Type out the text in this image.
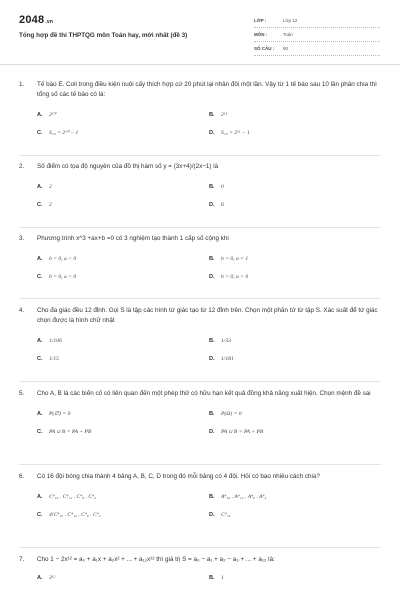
2048.vn
Tổng hợp đề thi THPTQG môn Toán hay, mới nhất (đề 3)
LỚP :	Lớp 12
MÔN :	Toán
SỐ CÂU :	50
1.	Tế bào E. Coli trong điều kiện nuôi cấy thích hợp cứ 20 phút lại nhân đôi một lần. Vậy từ 1 tế bào sau 10 lần phân chia thì tổng số các tế bào có là:
A.	2¹⁰	B.	2¹¹
C.	S₁₀ = 2¹⁰ − 1	D.	S₁₀ = 2¹¹ − 1
2.	Số điểm có tọa độ nguyên của đồ thị hàm số y = (3x+4)/(2x−1) là
A.	2	B.	0
C.	2	D.	6
3.	Phương trình x^3 +ax+b =0 có 3 nghiệm tạo thành 1 cấp số cộng khi
A.	b = 0, a < 0	B.	b = 0, a = 1
C.	b = 0, a > 0	D.	b > 0, a > 0
4.	Cho đa giác đều 12 đỉnh. Gọi S là tập các hình tứ giác tạo từ 12 đỉnh trên. Chọn một phần tử từ tập S. Xác suất để tứ giác chọn được là hình chữ nhật
A.	1/106	B.	1/33
C.	1/15	D.	1/181
5.	Cho A, B là các biến cố có liên quan đến một phép thử có hữu hạn kết quả đồng khả năng xuất hiện. Chọn mệnh đề sai
A.	P(∅) = 0	B.	P(Ω) = 0
C.	PA ∪ B = PA + PB	D.	PA ∪ B = PA + PB
6.	Có 16 đội bóng chia thành 4 bảng A, B, C, D trong đó mỗi bảng có 4 đội. Hỏi có bao nhiêu cách chia?
A.	C⁴₁₆ . C⁴₁₂ . C⁴₈ . C⁴₄	B.	A⁴₁₆ . A⁴₁₂ . A⁴₈ . A⁴₄
C.	4!C⁴₁₆ . C⁴₁₂ . C⁴₈ . C⁴₄	D.	C⁴₁₆
7.	Cho 1 − 2x¹² = a₀ + a₁x + a₂x² + ... + a₁₂x¹² thì giá trị S = a₀ − a₁ + a₂ − a₃ + ... + a₁₂ là:
A.	3¹²	B.	1
